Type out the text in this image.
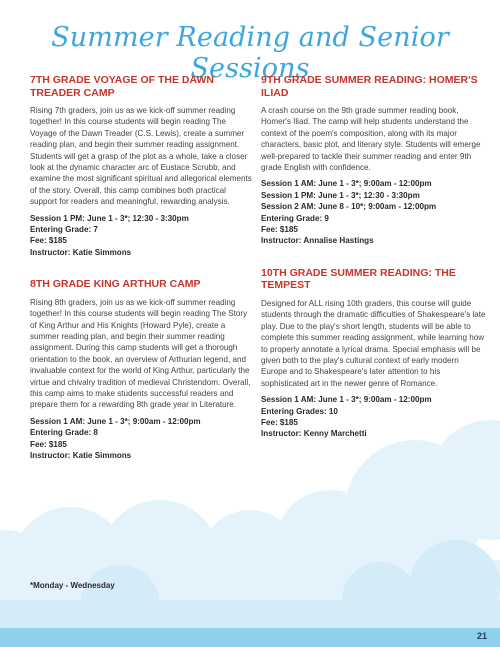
Summer Reading and Senior Sessions
7TH GRADE VOYAGE OF THE DAWN TREADER CAMP
Rising 7th graders, join us as we kick-off summer reading together! In this course students will begin reading The Voyage of the Dawn Treader (C.S. Lewis), create a summer reading plan, and begin their summer reading assignment. Students will get a grasp of the plot as a whole, take a closer look at the dynamic character arc of Eustace Scrubb, and examine the most significant spiritual and allegorical elements of the story. Overall, this camp combines both practical support for readers and meaningful, rewarding analysis.
Session 1 PM: June 1 - 3*; 12:30 - 3:30pm
Entering Grade: 7
Fee: $185
Instructor: Katie Simmons
8TH GRADE KING ARTHUR CAMP
Rising 8th graders, join us as we kick-off summer reading together! In this course students will begin reading The Story of King Arthur and His Knights (Howard Pyle), create a summer reading plan, and begin their summer reading assignment. During this camp students will get a thorough orientation to the book, an overview of Arthurian legend, and invaluable context for the world of King Arthur, particularly the virtue and chivalry tradition of medieval Christendom. Overall, this camp aims to make students successful readers and prepare them for a rewarding 8th grade year in Literature.
Session 1 AM: June 1 - 3*; 9:00am - 12:00pm
Entering Grade: 8
Fee: $185
Instructor: Katie Simmons
9TH GRADE SUMMER READING: HOMER'S ILIAD
A crash course on the 9th grade summer reading book, Homer's Iliad. The camp will help students understand the context of the poem's composition, along with its major characters, basic plot, and literary style. Students will emerge well-prepared to tackle their summer reading and enter 9th grade English with confidence.
Session 1 AM: June 1 - 3*; 9:00am - 12:00pm
Session 1 PM: June 1 - 3*; 12:30 - 3:30pm
Session 2 AM: June 8 - 10*; 9:00am - 12:00pm
Entering Grade: 9
Fee: $185
Instructor: Annalise Hastings
10TH GRADE SUMMER READING: THE TEMPEST
Designed for ALL rising 10th graders, this course will guide students through the dramatic difficulties of Shakespeare's late play. Due to the play's short length, students will be able to complete this summer reading assignment, while learning how to properly annotate a lyrical drama. Special emphasis will be given both to the play's cultural context of early modern Europe and to Shakespeare's later attention to his sophisticated art in the newer genre of Romance.
Session 1 AM: June 1 - 3*; 9:00am - 12:00pm
Entering Grades: 10
Fee: $185
Instructor: Kenny Marchetti
*Monday - Wednesday
21
